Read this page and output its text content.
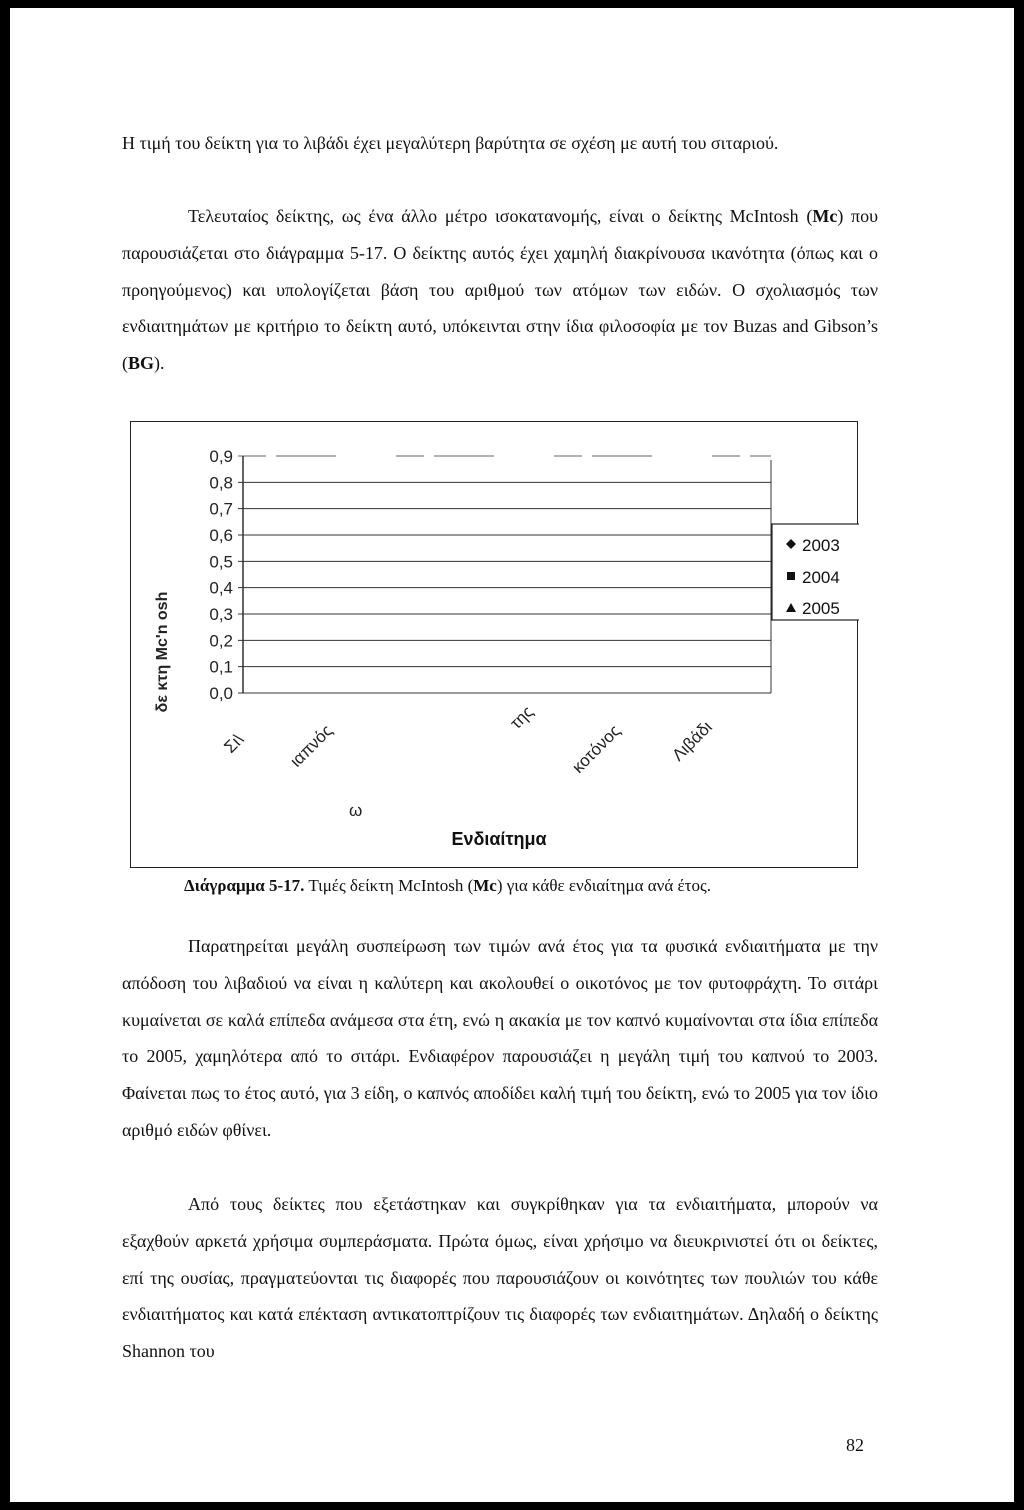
Η τιμή του δείκτη για το λιβάδι έχει μεγαλύτερη βαρύτητα σε σχέση με αυτή του σιταριού.

Τελευταίος δείκτης, ως ένα άλλο μέτρο ισοκατανομής, είναι ο δείκτης McIntosh (Mc) που παρουσιάζεται στο διάγραμμα 5-17. Ο δείκτης αυτός έχει χαμηλή διακρίνουσα ικανότητα (όπως και ο προηγούμενος) και υπολογίζεται βάση του αριθμού των ατόμων των ειδών. Ο σχολιασμός των ενδιαιτημάτων με κριτήριο το δείκτη αυτό, υπόκεινται στην ίδια φιλοσοφία με τον Buzas and Gibson’s (BG).

0,9
0,8
0,7
0,6
0,5
0,4
0,3
0,2
0,1
0,0
δε κτη Mc'n osh
Σι\ ιαπνός
της
κοτόνος	Λιβάδι
ω
Ενδιαίτημα
2003
2004
2005
Διάγραμμα 5-17. Τιμές δείκτη McIntosh (Mc) για κάθε ενδιαίτημα ανά έτος.

Παρατηρείται μεγάλη συσπείρωση των τιμών ανά έτος για τα φυσικά ενδιαιτήματα με την απόδοση του λιβαδιού να είναι η καλύτερη και ακολουθεί ο οικοτόνος με τον φυτοφράχτη. Το σιτάρι κυμαίνεται σε καλά επίπεδα ανάμεσα στα έτη, ενώ η ακακία με τον καπνό κυμαίνονται στα ίδια επίπεδα το 2005, χαμηλότερα από το σιτάρι. Ενδιαφέρον παρουσιάζει η μεγάλη τιμή του καπνού το 2003. Φαίνεται πως το έτος αυτό, για 3 είδη, ο καπνός αποδίδει καλή τιμή του δείκτη, ενώ το 2005 για τον ίδιο αριθμό ειδών φθίνει.

Από τους δείκτες που εξετάστηκαν και συγκρίθηκαν για τα ενδιαιτήματα, μπορούν να εξαχθούν αρκετά χρήσιμα συμπεράσματα. Πρώτα όμως, είναι χρήσιμο να διευκρινιστεί ότι οι δείκτες, επί της ουσίας, πραγματεύονται τις διαφορές που παρουσιάζουν οι κοινότητες των πουλιών του κάθε ενδιαιτήματος και κατά επέκταση αντικατοπτρίζουν τις διαφορές των ενδιαιτημάτων. Δηλαδή ο δείκτης Shannon του

82
